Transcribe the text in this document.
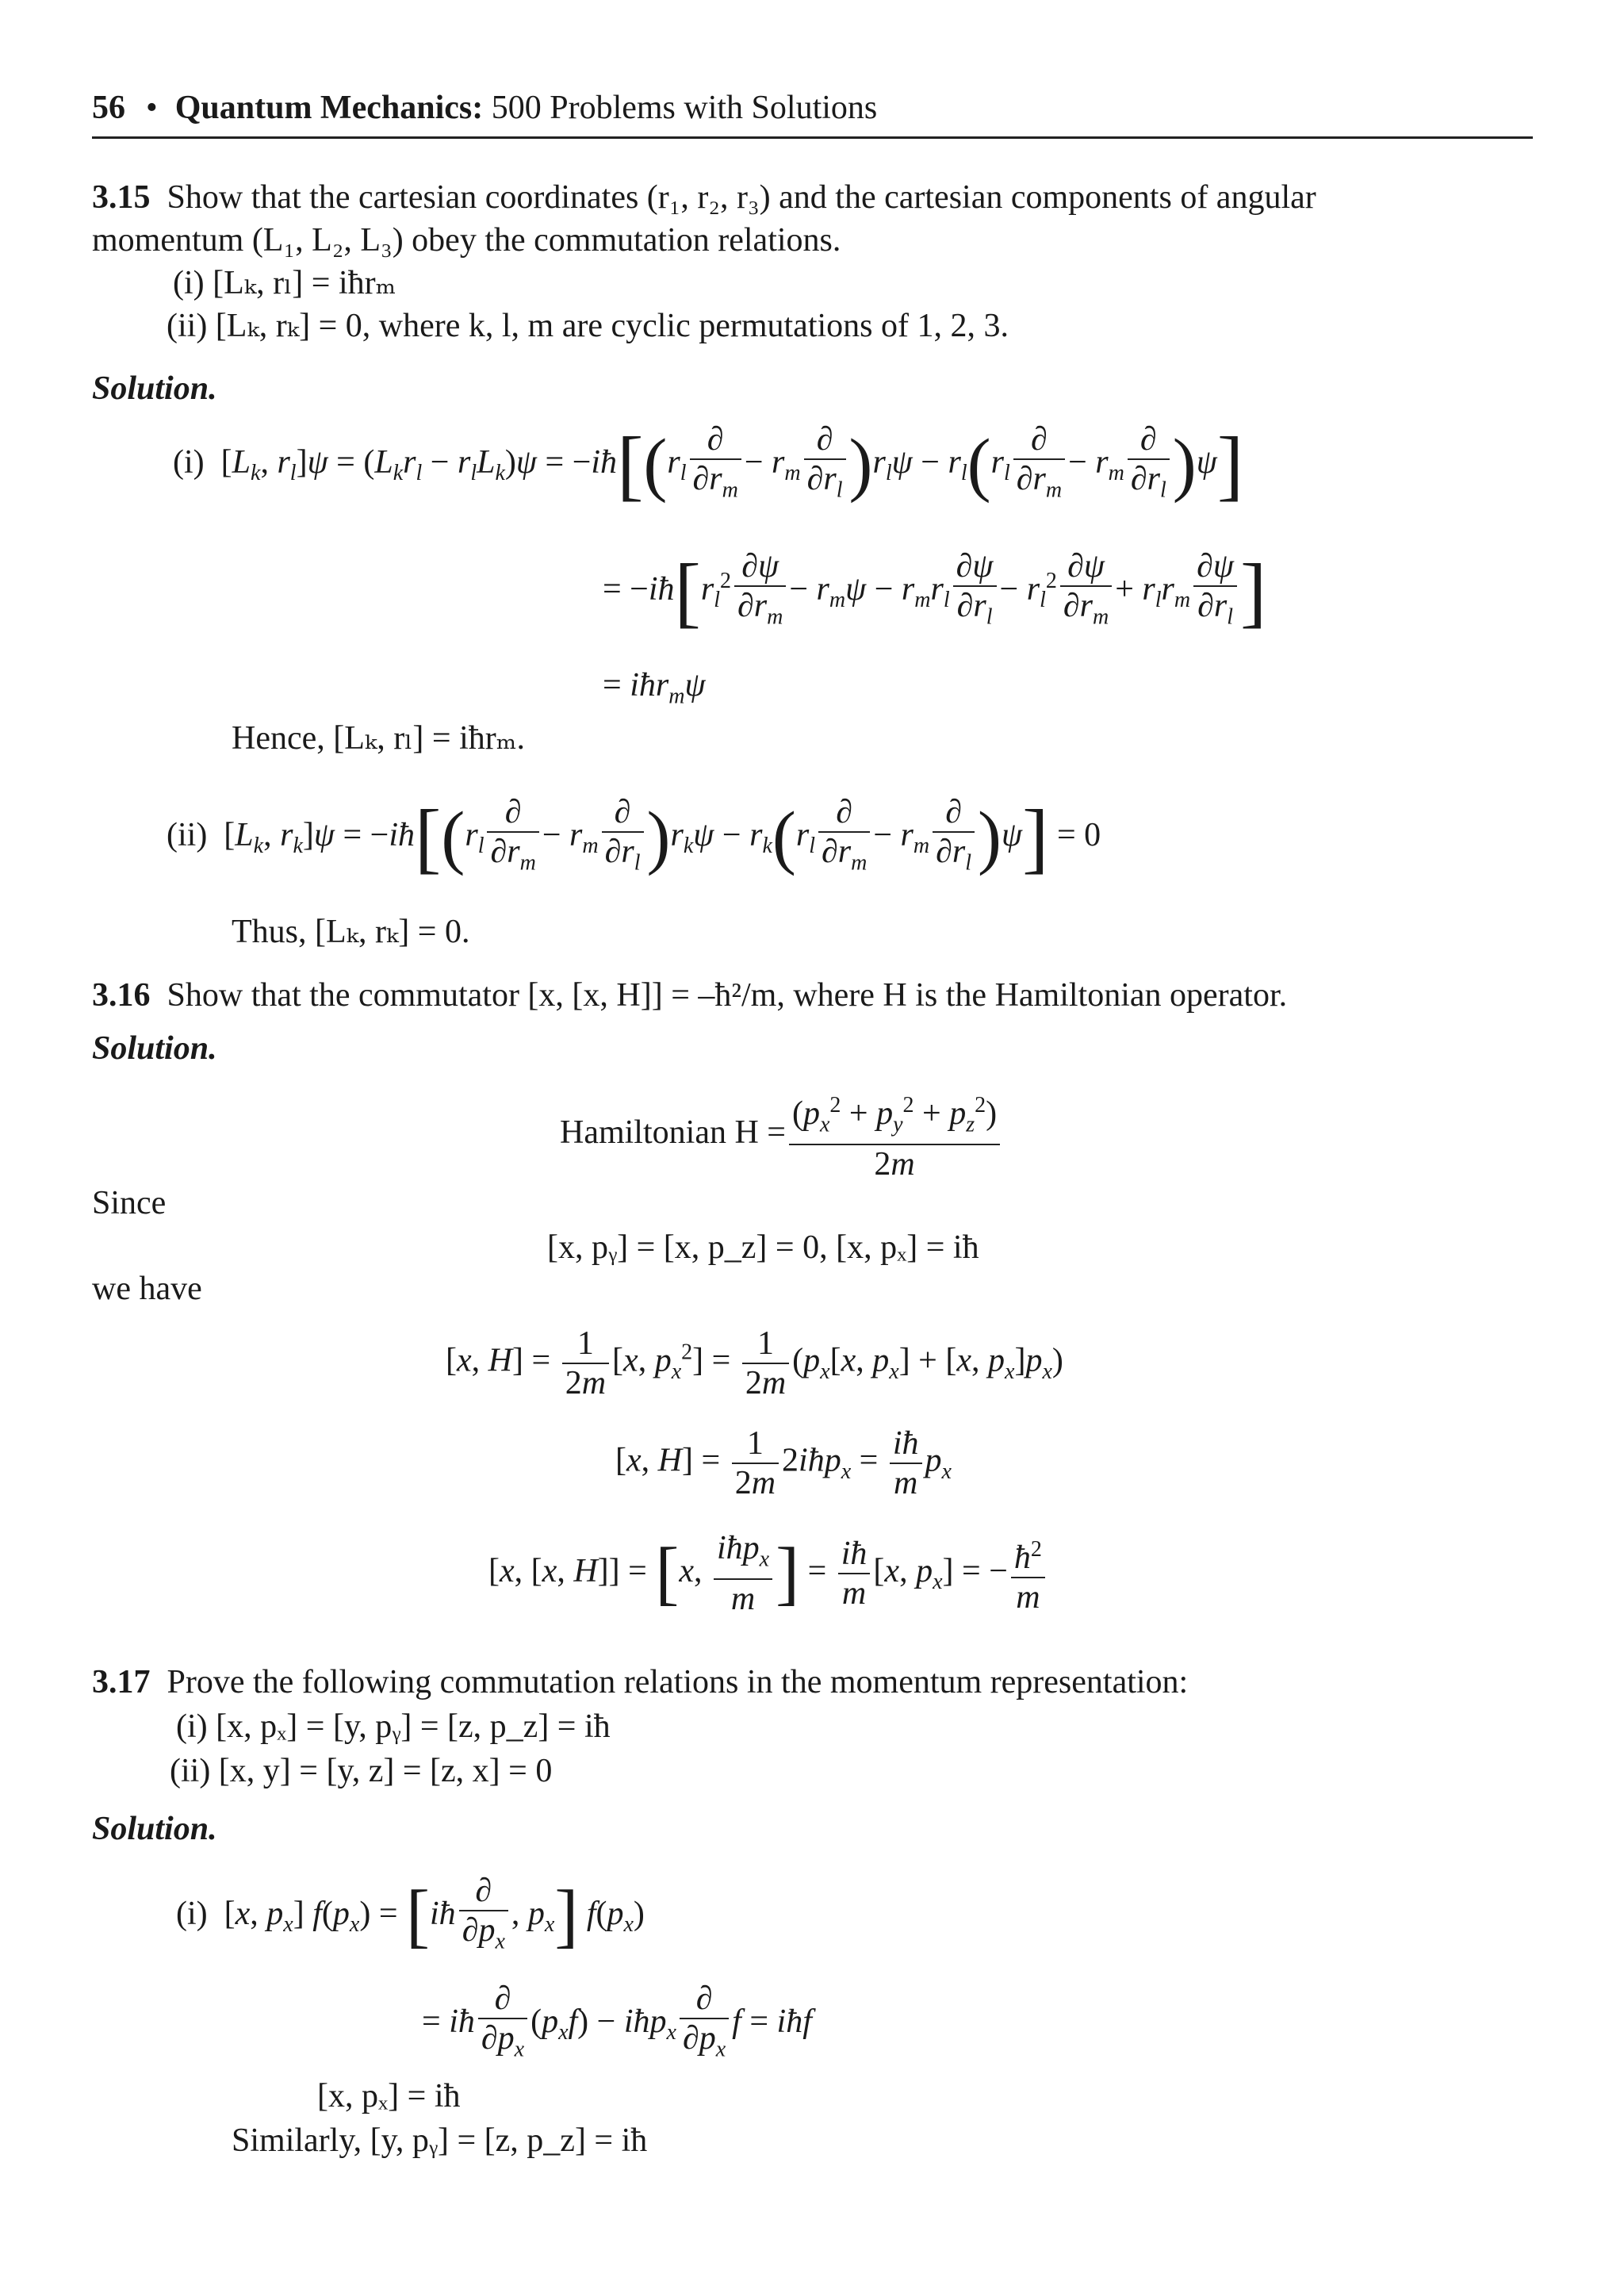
56 • Quantum Mechanics: 500 Problems with Solutions
3.15 Show that the cartesian coordinates (r₁, r₂, r₃) and the cartesian components of angular
momentum (L₁, L₂, L₃) obey the commutation relations.
(i) [Lₖ, rₗ] = iħrₘ
(ii) [Lₖ, rₖ] = 0, where k, l, m are cyclic permutations of 1, 2, 3.
Solution.
(i)  [$L_k$, $r_l]\psi = (L_kr_l - r_lL_k)\psi$ = $-iħ[(r_l \frac{\partial}{\partial r_m} - r_m \frac{\partial}{\partial r_l} )r_l\psi - r_l(r_l \frac{\partial}{\partial r_m} - r_m \frac{\partial}{\partial r_l} )\psi]$
= $-iħ[r_l^2 \frac{\partial\psi}{\partial r_m} - r_m\psi - r_mr_l \frac{\partial\psi}{\partial r_l} - r_l^2 \frac{\partial\psi}{\partial r_m} + r_lr_m \frac{\partial\psi}{\partial r_l}$ ]
= iħr$_m$ψ
Hence, [Lₖ, rₗ] = iħrₘ.
(ii)  [$L_k$, $r_k]\psi$ = $-iħ[(r_l \frac{\partial}{\partial r_m} - r_m \frac{\partial}{\partial r_l} )r_k\psi - r_k(r_l \frac{\partial}{\partial r_m} - r_m \frac{\partial}{\partial r_l} )\psi] = 0$
Thus, [Lₖ, rₖ] = 0.
3.16 Show that the commutator [x, [x, H]] = –ħ²/m, where H is the Hamiltonian operator.
Solution.
Hamiltonian $H = \frac{(p_x^2 + p_y^2 + p_z^2)}{2m}$
Since
[x, pᵧ] = [x, p_z] = 0, [x, pₓ] = iħ
we have
[x, $H] = \frac{1}{2m} [x$, $p_x^2] = \frac{1}{2m} (p_x[x$, $p_x] + [x$, $p_x]p_x$)
[x, $H] = \frac{1}{2m}$ 2iħp$_x$ = $\frac{iħ}{m} p_x$
[x, [x, H]] = [x, $\frac{iħp_x}{m}$ ] = $\frac{iħ}{m} [x$, $p_x$] = − $\frac{ħ^2}{m}$
3.17 Prove the following commutation relations in the momentum representation:
(i) [x, pₓ] = [y, pᵧ] = [z, p_z] = iħ
(ii) [x, y] = [y, z] = [z, x] = 0
Solution.
(i)  [x, $p_x$] $f(p_x)$ = [iħ $\frac{\partial}{\partial p_x}$ , $p_x$] $f(p_x)$
= iħ $\frac{\partial}{\partial p_x} (p_xf)$ − iħp$_x$ $\frac{\partial}{\partial p_x}$ f = iħf
[x, pₓ] = iħ
Similarly, [y, pᵧ] = [z, p_z] = iħ
